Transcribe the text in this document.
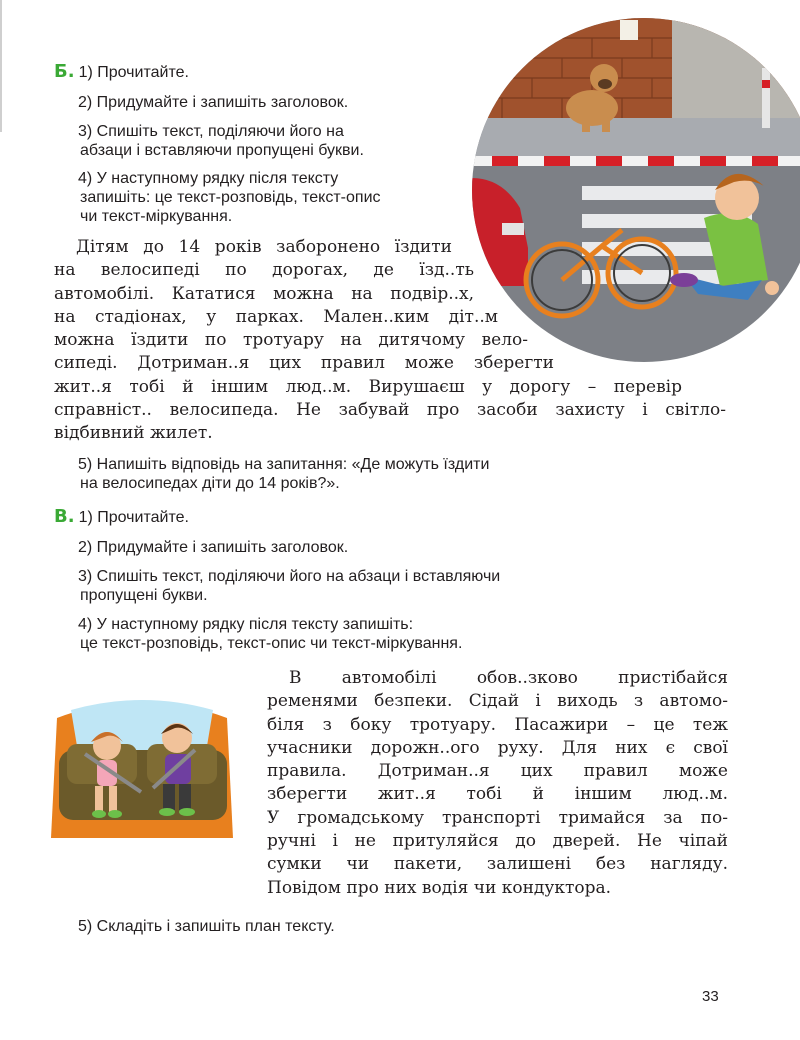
Б. 1) Прочитайте.

2) Придумайте і запишіть заголовок.

3) Спишіть текст, поділяючи його на
абзаци і вставляючи пропущені букви.

4) У наступному рядку після тексту
запишіть: це текст-розповідь, текст-опис
чи текст-міркування.

Дітям до 14 років заборонено їздити
на велосипеді по дорогах, де їзд..ть
автомобілі. Кататися можна на подвір..х,
на стадіонах, у парках. Мален..ким діт..м
можна їздити по тротуару на дитячому вело-
сипеді. Дотриман..я цих правил може зберегти
жит..я тобі й іншим люд..м. Вирушаєш у дорогу – перевір
справніст.. велосипеда. Не забувай про засоби захисту і світло-
відбивний жилет.

5) Напишіть відповідь на запитання: «Де можуть їздити
на велосипедах діти до 14 років?».

В. 1) Прочитайте.

2) Придумайте і запишіть заголовок.

3) Спишіть текст, поділяючи його на абзаци і вставляючи
пропущені букви.

4) У наступному рядку після тексту запишіть:
це текст-розповідь, текст-опис чи текст-міркування.

В автомобілі обов..зково пристібайся
ременями безпеки. Сідай і виходь з автомо-
біля з боку тротуару. Пасажири – це теж
учасники дорожн..ого руху. Для них є свої
правила. Дотриман..я цих правил може
зберегти жит..я тобі й іншим люд..м.
У громадському транспорті тримайся за по-
ручні і не притуляйся до дверей. Не чіпай
сумки чи пакети, залишені без нагляду.
Повідом про них водія чи кондуктора.

5) Складіть і запишіть план тексту.

33
